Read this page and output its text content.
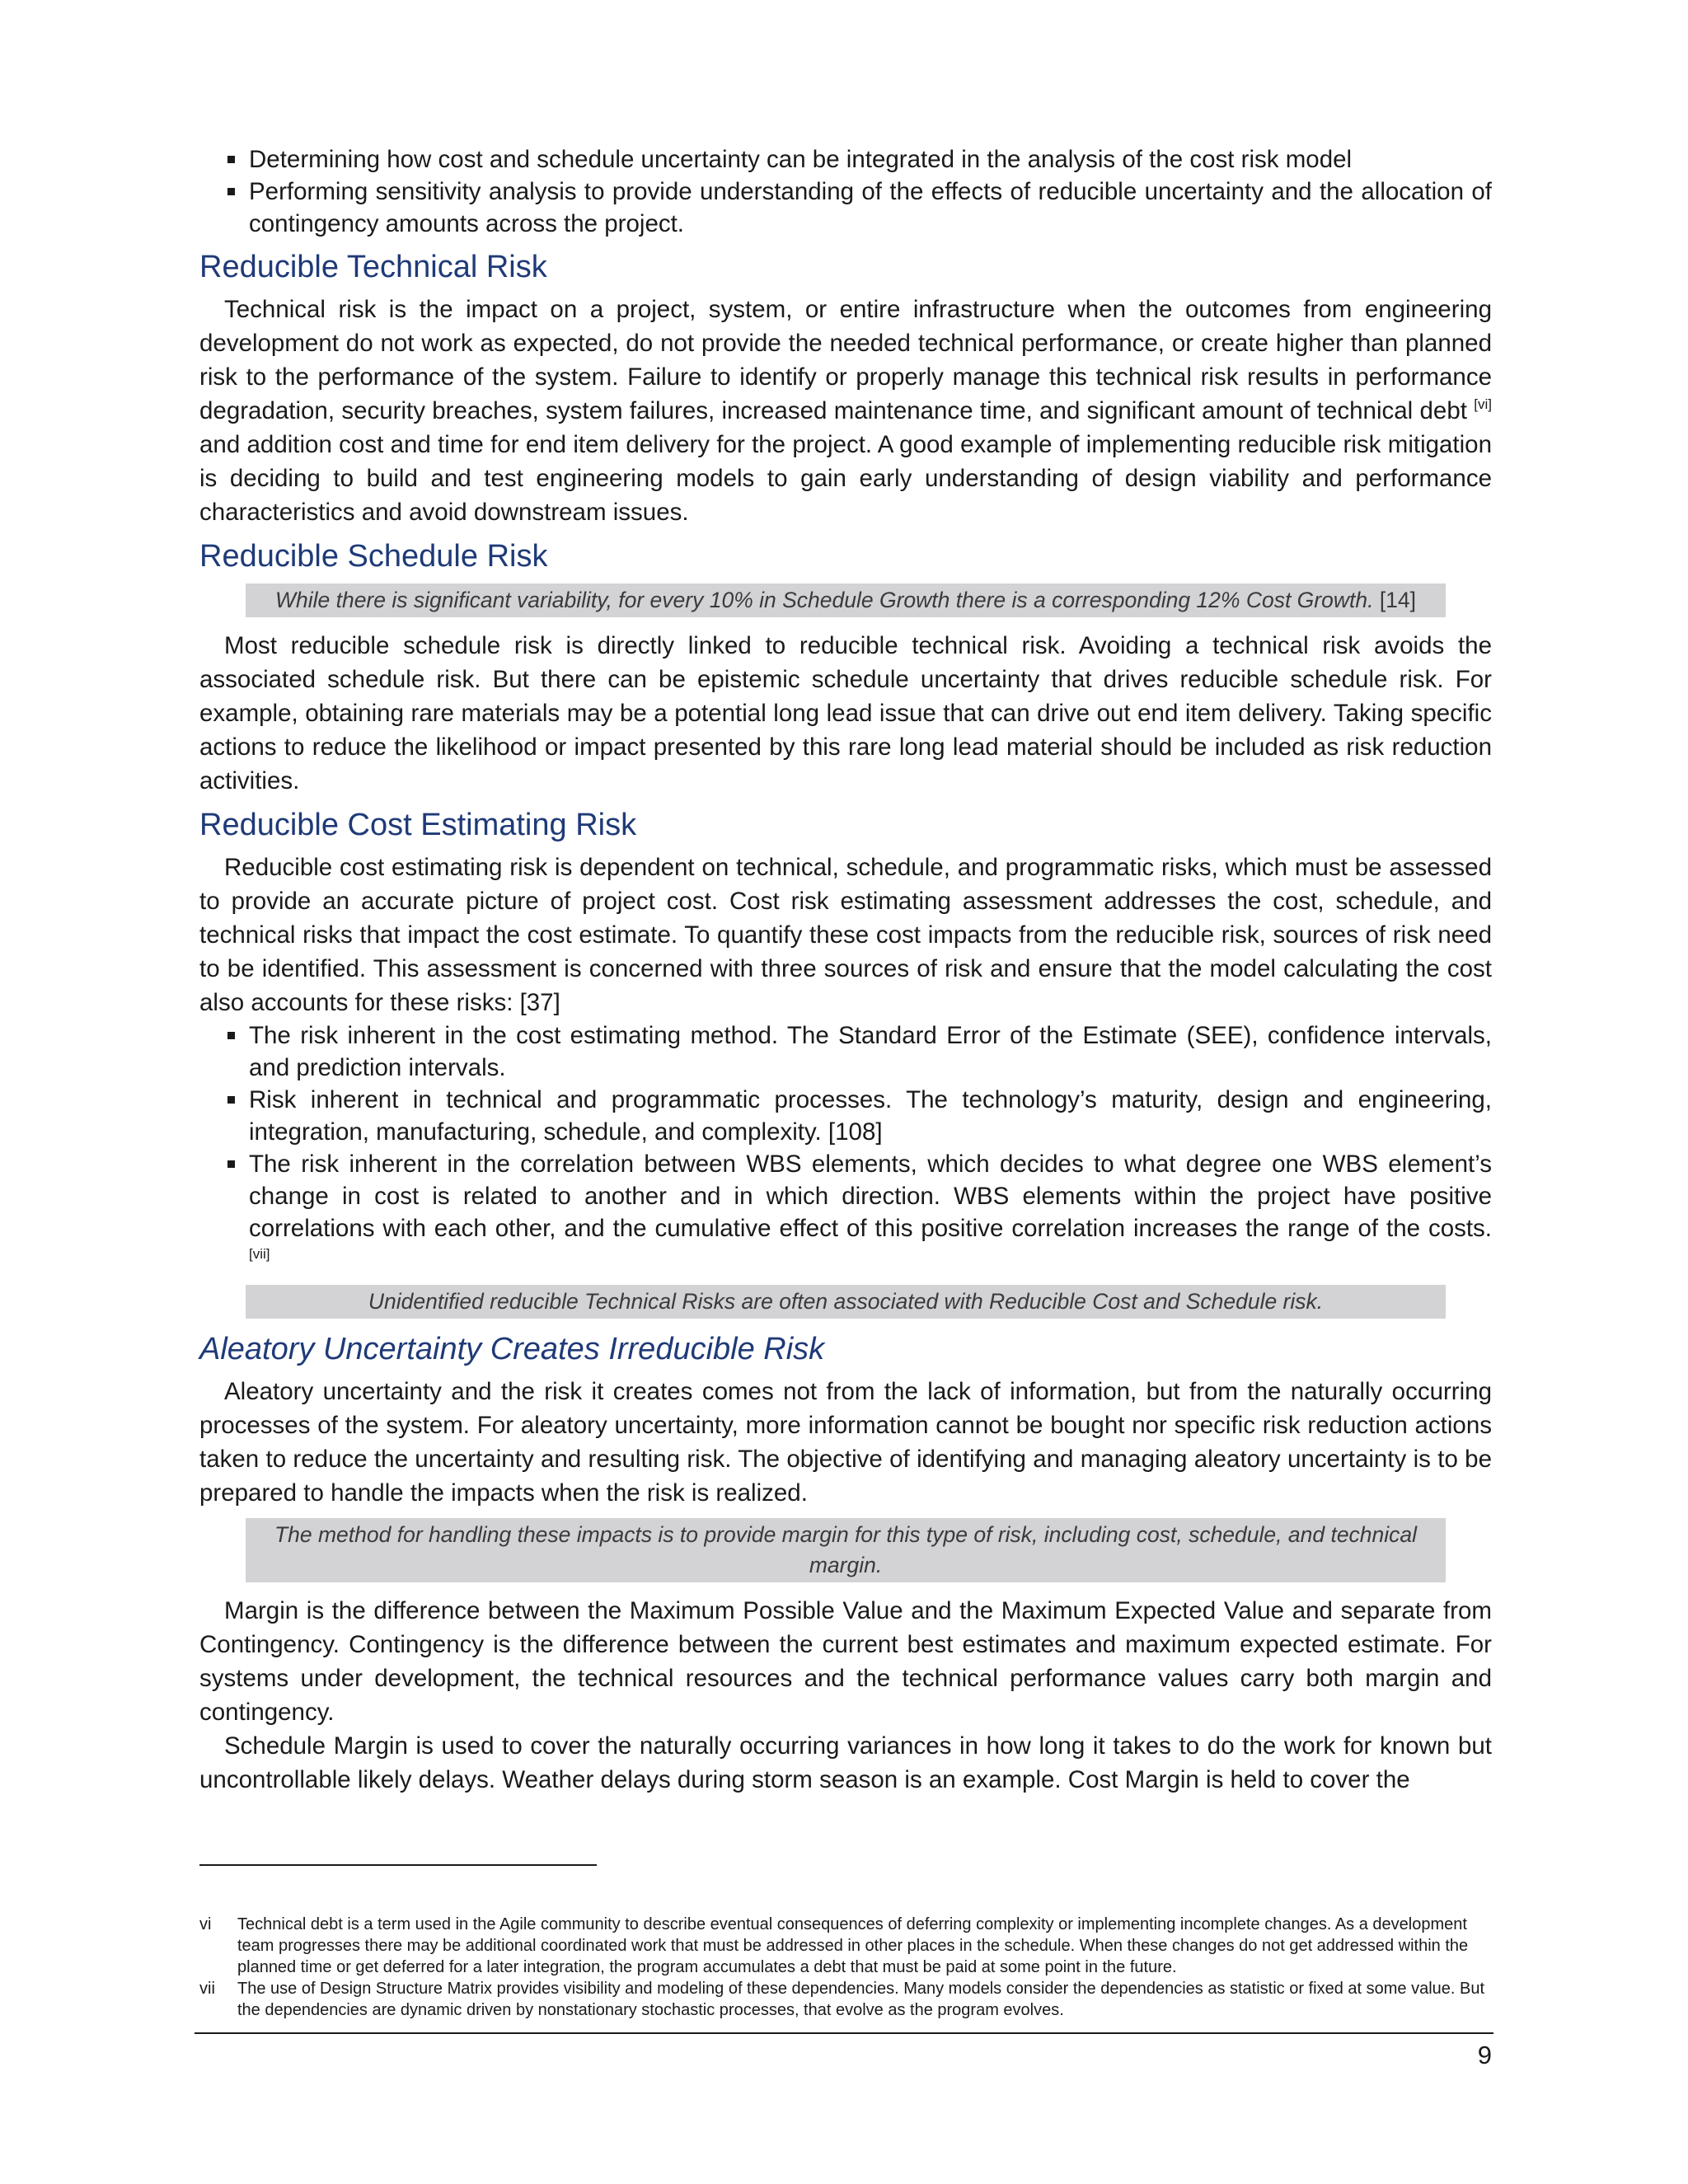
Determining how cost and schedule uncertainty can be integrated in the analysis of the cost risk model
Performing sensitivity analysis to provide understanding of the effects of reducible uncertainty and the allocation of contingency amounts across the project.
Reducible Technical Risk

Technical risk is the impact on a project, system, or entire infrastructure when the outcomes from engineering development do not work as expected, do not provide the needed technical performance, or create higher than planned risk to the performance of the system. Failure to identify or properly manage this technical risk results in performance degradation, security breaches, system failures, increased maintenance time, and significant amount of technical debt [vi] and addition cost and time for end item delivery for the project. A good example of implementing reducible risk mitigation is deciding to build and test engineering models to gain early understanding of design viability and performance characteristics and avoid downstream issues.

Reducible Schedule Risk
While there is significant variability, for every 10% in Schedule Growth there is a corresponding 12% Cost Growth. [14]

Most reducible schedule risk is directly linked to reducible technical risk. Avoiding a technical risk avoids the associated schedule risk. But there can be epistemic schedule uncertainty that drives reducible schedule risk. For example, obtaining rare materials may be a potential long lead issue that can drive out end item delivery. Taking specific actions to reduce the likelihood or impact presented by this rare long lead material should be included as risk reduction activities.

Reducible Cost Estimating Risk

Reducible cost estimating risk is dependent on technical, schedule, and programmatic risks, which must be assessed to provide an accurate picture of project cost. Cost risk estimating assessment addresses the cost, schedule, and technical risks that impact the cost estimate. To quantify these cost impacts from the reducible risk, sources of risk need to be identified. This assessment is concerned with three sources of risk and ensure that the model calculating the cost also accounts for these risks: [37]

The risk inherent in the cost estimating method. The Standard Error of the Estimate (SEE), confidence intervals, and prediction intervals.
Risk inherent in technical and programmatic processes. The technology’s maturity, design and engineering, integration, manufacturing, schedule, and complexity. [108]
The risk inherent in the correlation between WBS elements, which decides to what degree one WBS element’s change in cost is related to another and in which direction. WBS elements within the project have positive correlations with each other, and the cumulative effect of this positive correlation increases the range of the costs. [vii]
Unidentified reducible Technical Risks are often associated with Reducible Cost and Schedule risk.
Aleatory Uncertainty Creates Irreducible Risk

Aleatory uncertainty and the risk it creates comes not from the lack of information, but from the naturally occurring processes of the system. For aleatory uncertainty, more information cannot be bought nor specific risk reduction actions taken to reduce the uncertainty and resulting risk. The objective of identifying and managing aleatory uncertainty is to be prepared to handle the impacts when the risk is realized.

The method for handling these impacts is to provide margin for this type of risk, including cost, schedule, and technical margin.

Margin is the difference between the Maximum Possible Value and the Maximum Expected Value and separate from Contingency. Contingency is the difference between the current best estimates and maximum expected estimate. For systems under development, the technical resources and the technical performance values carry both margin and contingency.

Schedule Margin is used to cover the naturally occurring variances in how long it takes to do the work for known but uncontrollable likely delays. Weather delays during storm season is an example. Cost Margin is held to cover the

vi Technical debt is a term used in the Agile community to describe eventual consequences of deferring complexity or implementing incomplete changes. As a development team progresses there may be additional coordinated work that must be addressed in other places in the schedule. When these changes do not get addressed within the planned time or get deferred for a later integration, the program accumulates a debt that must be paid at some point in the future.

vii The use of Design Structure Matrix provides visibility and modeling of these dependencies. Many models consider the dependencies as statistic or fixed at some value. But the dependencies are dynamic driven by nonstationary stochastic processes, that evolve as the program evolves.

9
